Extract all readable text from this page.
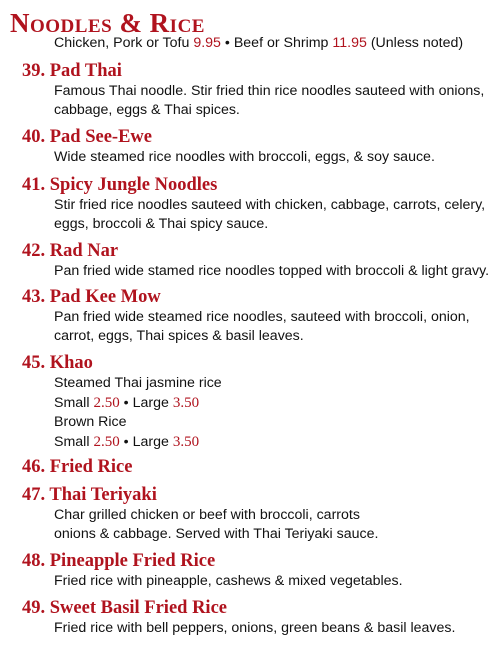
Noodles & Rice
Chicken, Pork or Tofu 9.95 • Beef or Shrimp 11.95 (Unless noted)
39. Pad Thai
Famous Thai noodle. Stir fried thin rice noodles sauteed with onions,
cabbage, eggs & Thai spices.
40. Pad See-Ewe
Wide steamed rice noodles with broccoli, eggs, & soy sauce.
41. Spicy Jungle Noodles
Stir fried rice noodles sauteed with chicken, cabbage, carrots, celery,
eggs, broccoli & Thai spicy sauce.
42. Rad Nar
Pan fried wide stamed rice noodles topped with broccoli & light gravy.
43. Pad Kee Mow
Pan fried wide steamed rice noodles, sauteed with broccoli, onion,
carrot, eggs, Thai spices & basil leaves.
45. Khao
Steamed Thai jasmine rice
Small 2.50 • Large 3.50
Brown Rice
Small 2.50 • Large 3.50
46. Fried Rice
47. Thai Teriyaki
Char grilled chicken or beef with broccoli, carrots
onions & cabbage. Served with Thai Teriyaki sauce.
48. Pineapple Fried Rice
Fried rice with pineapple, cashews & mixed vegetables.
49. Sweet Basil Fried Rice
Fried rice with bell peppers, onions, green beans & basil leaves.
